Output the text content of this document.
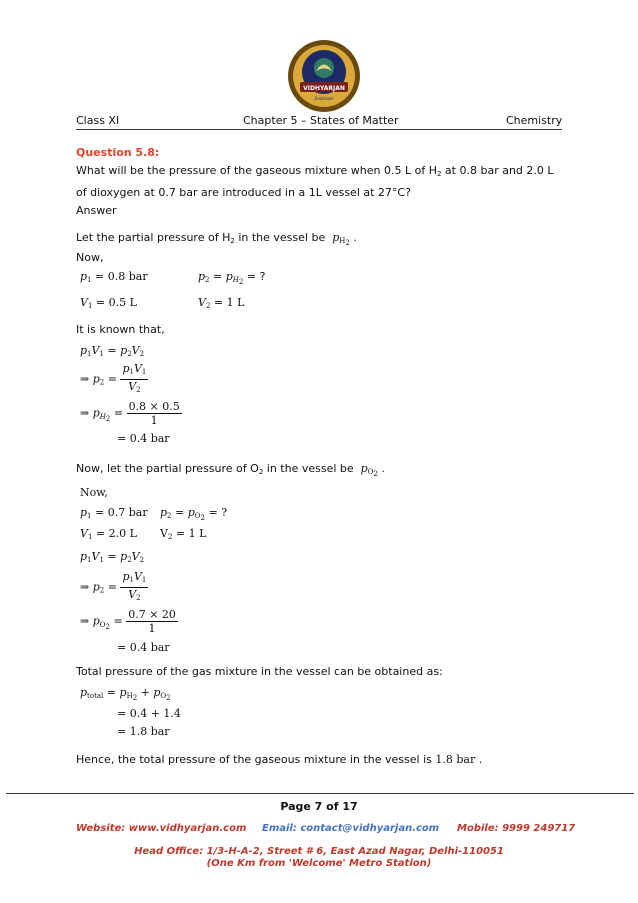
VIDHYARJAN
Institute
Class XI	Chapter 5 – States of Matter	Chemistry
Question 5.8:
What will be the pressure of the gaseous mixture when 0.5 L of $H_2$ at 0.8 bar and 2.0 L
of dioxygen at 0.7 bar are introduced in a 1L vessel at 27°C?
Answer
Let the partial pressure of $H_2$ in the vessel be $p_{H_2}$ .
Now,
$p_1 = 0.8$ bar	$p_2 = p_{H_2}$ = ?
$V_1 = 0.5$ L	$V_2 = 1$ L
It is known that,
$p_1V_1 = p_2V_2$
⇒ $p_2 = \frac{p_1V_1}{V_2}$
⇒ $p_{H_2} = \frac{0.8 \times 0.5}{1}$
= 0.4 bar
Now, let the partial pressure of $O_2$ in the vessel be $p_{O_2}$ .
Now,
$p_1 = 0.7$ bar $p_2 = p_{O_2}$ = ?
$V_1 = 2.0$ L $V_2 = 1$ L
$p_1V_1 = p_2V_2$
⇒ $p_2 = \frac{p_1V_1}{V_2}$
⇒ $p_{O_2} = \frac{0.7 \times 20}{1}$
= 0.4 bar
Total pressure of the gas mixture in the vessel can be obtained as:
$p_{total} = p_{H_2} + p_{O_2}$
= 0.4 + 1.4
= 1.8 bar
Hence, the total pressure of the gaseous mixture in the vessel is 1.8 bar .
Page 7 of 17
Website: www.vidhyarjan.com Email: contact@vidhyarjan.com Mobile: 9999 249717
Head Office: 1/3-H-A-2, Street # 6, East Azad Nagar, Delhi-110051
(One Km from 'Welcome' Metro Station)
